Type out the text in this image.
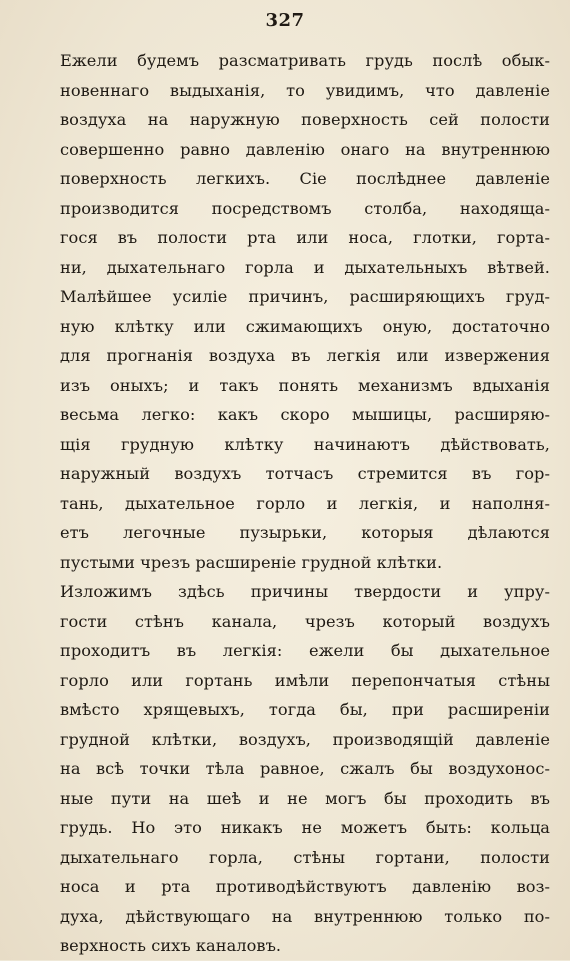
327
Ежели будемъ разсматривать грудь послѣ обык-
новеннаго выдыханія, то увидимъ, что давленіе
воздуха на наружную поверхность сей полости
совершенно равно давленію онаго на внутреннюю
поверхность легкихъ. Сіе послѣднее давленіе
производится посредствомъ столба, находяща-
гося въ полости рта или носа, глотки, гортa-
ни, дыхательнаго горла и дыхательныхъ вѣтвей.
Малѣйшее усиліе причинъ, расширяющихъ груд-
ную клѣтку или сжимающихъ оную, достаточно
для прогнанія воздуха въ легкія или извержения
изъ оныхъ; и такъ понять механизмъ вдыханія
весьма легко: какъ скоро мышицы, расширяю-
щія грудную клѣтку начинаютъ дѣйствовать,
наружный воздухъ тотчасъ стремится въ гор-
тань, дыхательное горло и легкія, и наполня-
етъ легочные пузырьки, которыя дѣлаются
пустыми чрезъ расширеніе грудной клѣтки.
Изложимъ здѣсь причины твердости и упру-
гости стѣнъ канала, чрезъ который воздухъ
проходитъ въ легкія: ежели бы дыхательное
горло или гортань имѣли перепончатыя стѣны
вмѣсто хрящевыхъ, тогда бы, при расширеніи
грудной клѣтки, воздухъ, производящій давленіе
на всѣ точки тѣла равное, сжалъ бы воздухонос-
ные пути на шеѣ и не могъ бы проходить въ
грудь. Но это никакъ не можетъ быть: кольца
дыхательнаго горла, стѣны гортани, полости
носа и рта противодѣйствуютъ давленію воз-
духа, дѣйствующаго на внутреннюю только по-
верхность сихъ каналовъ.
